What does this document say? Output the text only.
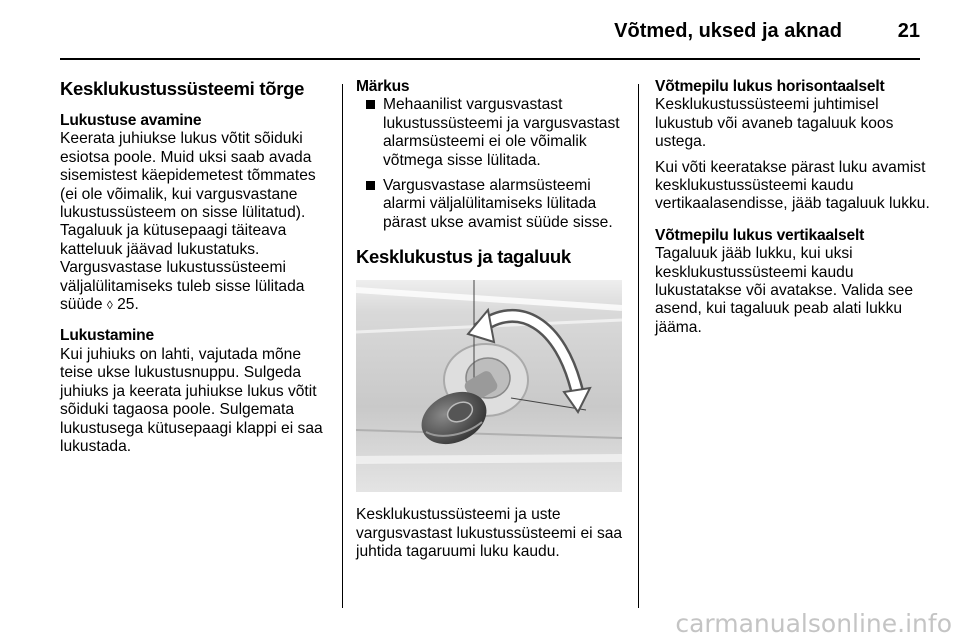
Võtmed, uksed ja aknad	21
Kesklukustussüsteemi tõrge
Lukustuse avamine

Keerata juhiukse lukus võtit sõiduki esiotsa poole. Muid uksi saab avada sisemistest käepidemetest tõmmates (ei ole võimalik, kui vargusvastane lukustussüsteem on sisse lülitatud). Tagaluuk ja kütusepaagi täiteava katteluuk jäävad lukustatuks. Vargusvastase lukustussüsteemi väljalülitamiseks tuleb sisse lülitada süüde ◊ 25.

Lukustamine

Kui juhiuks on lahti, vajutada mõne teise ukse lukustusnuppu. Sulgeda juhiuks ja keerata juhiukse lukus võtit sõiduki tagaosa poole. Sulgemata lukustusega kütusepaagi klappi ei saa lukustada.

Märkus

Mehaanilist vargusvastast lukustussüsteemi ja vargusvastast alarmsüsteemi ei ole võimalik võtmega sisse lülitada.

Vargusvastase alarmsüsteemi alarmi väljalülitamiseks lülitada pärast ukse avamist süüde sisse.

Kesklukustus ja tagaluuk

Kesklukustussüsteemi ja uste vargusvastast lukustussüsteemi ei saa juhtida tagaruumi luku kaudu.

Võtmepilu lukus horisontaalselt

Kesklukustussüsteemi juhtimisel lukustub või avaneb tagaluuk koos ustega.

Kui võti keeratakse pärast luku avamist kesklukustussüsteemi kaudu vertikaalasendisse, jääb tagaluuk lukku.

Võtmepilu lukus vertikaalselt

Tagaluuk jääb lukku, kui uksi kesklukustussüsteemi kaudu lukustatakse või avatakse. Valida see asend, kui tagaluuk peab alati lukku jääma.

carmanualsonline.info
